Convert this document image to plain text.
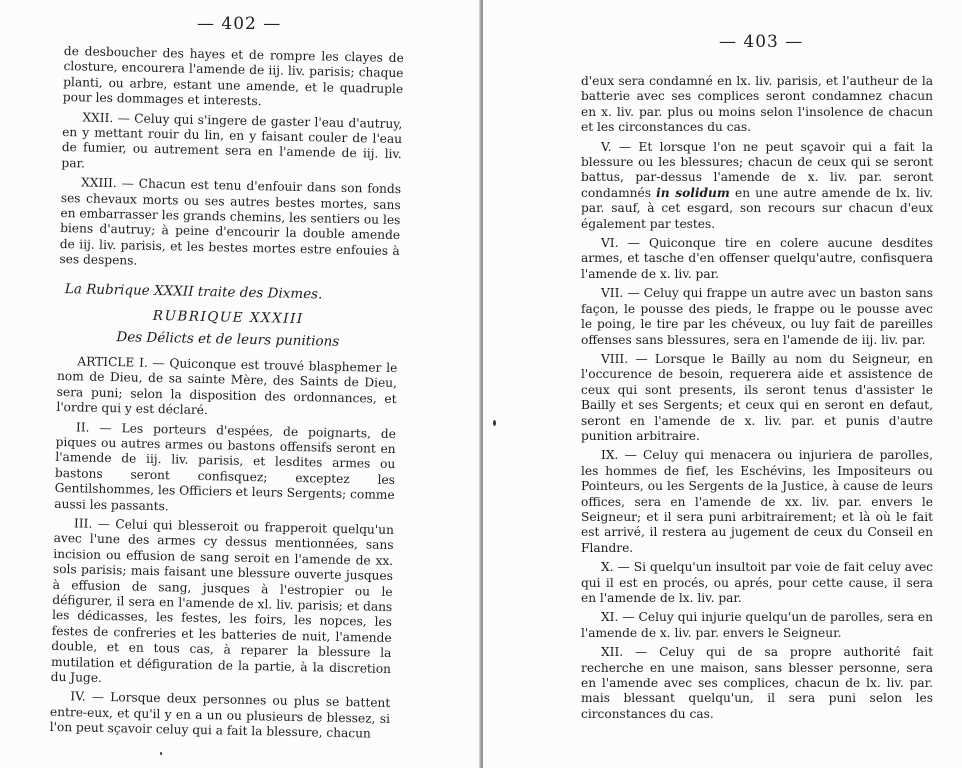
— 402 —

de desboucher des hayes et de rompre les clayes de closture, encourera l'amende de iij. liv. parisis; chaque planti, ou arbre, estant une amende, et le quadruple pour les dommages et interests.

XXII. — Celuy qui s'ingere de gaster l'eau d'autruy, en y mettant rouir du lin, en y faisant couler de l'eau de fumier, ou autrement sera en l'amende de iij. liv. par.

XXIII. — Chacun est tenu d'enfouir dans son fonds ses chevaux morts ou ses autres bestes mortes, sans en embarrasser les grands chemins, les sentiers ou les biens d'autruy; à peine d'encourir la double amende de iij. liv. parisis, et les bestes mortes estre enfouies à ses despens.

La Rubrique XXXII traite des Dixmes.
RUBRIQUE XXXIII
Des Délicts et de leurs punitions

ARTICLE I. — Quiconque est trouvé blasphemer le nom de Dieu, de sa sainte Mère, des Saints de Dieu, sera puni; selon la disposition des ordonnances, et l'ordre qui y est déclaré.

II. — Les porteurs d'espées, de poignarts, de piques ou autres armes ou bastons offensifs seront en l'amende de iij. liv. parisis, et lesdites armes ou bastons seront confisquez; exceptez les Gentilshommes, les Officiers et leurs Sergents; comme aussi les passants.

III. — Celui qui blesseroit ou frapperoit quelqu'un avec l'une des armes cy dessus mentionnées, sans incision ou effusion de sang seroit en l'amende de xx. sols parisis; mais faisant une blessure ouverte jusques à effusion de sang, jusques à l'estropier ou le défigurer, il sera en l'amende de xl. liv. parisis; et dans les dédicasses, les festes, les foirs, les nopces, les festes de confreries et les batteries de nuit, l'amende double, et en tous cas, à reparer la blessure la mutilation et défiguration de la partie, à la discretion du Juge.

IV. — Lorsque deux personnes ou plus se battent entre-eux, et qu'il y en a un ou plusieurs de blessez, si l'on peut sçavoir celuy qui a fait la blessure, chacun

— 403 —

d'eux sera condamné en lx. liv. parisis, et l'autheur de la batterie avec ses complices seront condamnez chacun en x. liv. par. plus ou moins selon l'insolence de chacun et les circonstances du cas.

V. — Et lorsque l'on ne peut sçavoir qui a fait la blessure ou les blessures; chacun de ceux qui se seront battus, par-dessus l'amende de x. liv. par. seront condamnés in solidum en une autre amende de lx. liv. par. sauf, à cet esgard, son recours sur chacun d'eux également par testes.

VI. — Quiconque tire en colere aucune desdites armes, et tasche d'en offenser quelqu'autre, confisquera l'amende de x. liv. par.

VII. — Celuy qui frappe un autre avec un baston sans façon, le pousse des pieds, le frappe ou le pousse avec le poing, le tire par les chéveux, ou luy fait de pareilles offenses sans blessures, sera en l'amende de iij. liv. par.

VIII. — Lorsque le Bailly au nom du Seigneur, en l'occurence de besoin, requerera aide et assistence de ceux qui sont presents, ils seront tenus d'assister le Bailly et ses Sergents; et ceux qui en seront en defaut, seront en l'amende de x. liv. par. et punis d'autre punition arbitraire.

IX. — Celuy qui menacera ou injuriera de parolles, les hommes de fief, les Eschévins, les Impositeurs ou Pointeurs, ou les Sergents de la Justice, à cause de leurs offices, sera en l'amende de xx. liv. par. envers le Seigneur; et il sera puni arbitrairement; et là où le fait est arrivé, il restera au jugement de ceux du Conseil en Flandre.

X. — Si quelqu'un insultoit par voie de fait celuy avec qui il est en procés, ou aprés, pour cette cause, il sera en l'amende de lx. liv. par.

XI. — Celuy qui injurie quelqu'un de parolles, sera en l'amende de x. liv. par. envers le Seigneur.

XII. — Celuy qui de sa propre authorité fait recherche en une maison, sans blesser personne, sera en l'amende avec ses complices, chacun de lx. liv. par. mais blessant quelqu'un, il sera puni selon les circonstances du cas.
